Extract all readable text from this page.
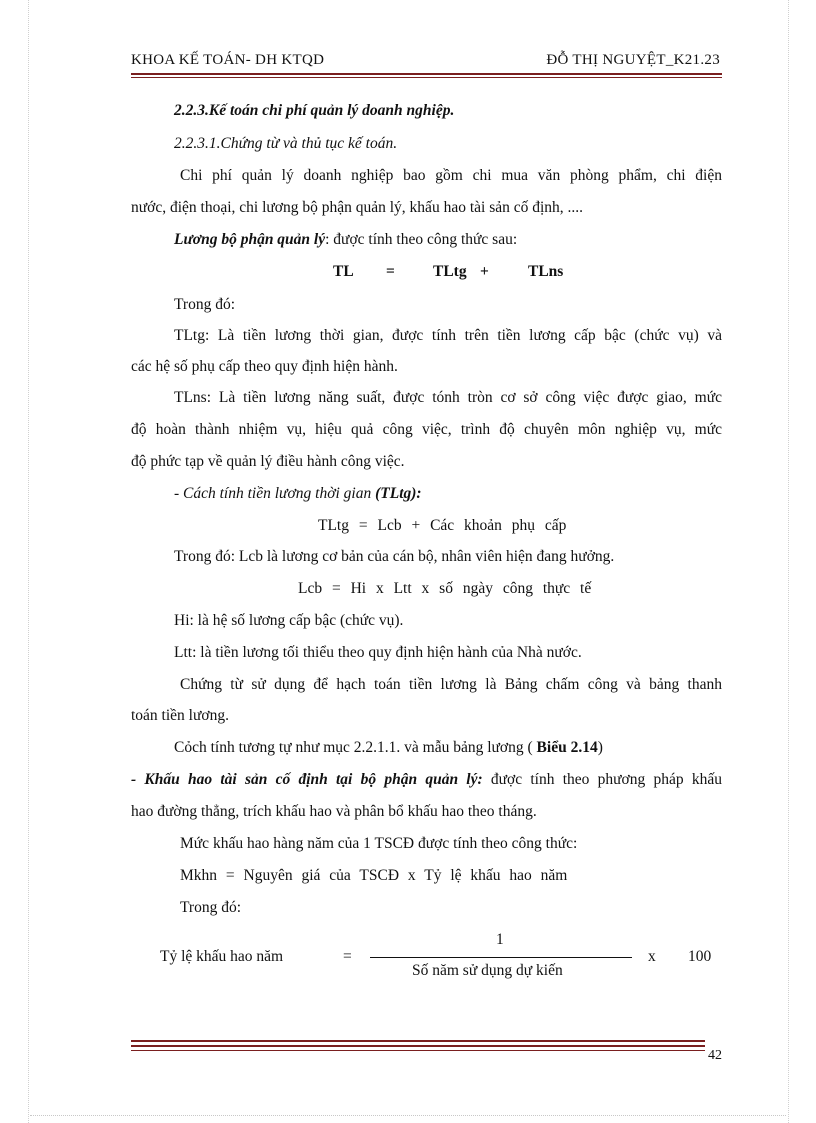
KHOA KẾ TOÁN- DH KTQD	ĐỖ THỊ NGUYỆT_K21.23
2.2.3.Kế toán chi phí quản lý doanh nghiệp.
2.2.3.1.Chứng từ và thủ tục kế toán.
Chi phí quản lý doanh nghiệp bao gồm chi mua văn phòng phẩm, chi điện
nước, điện thoại, chi lương bộ phận quản lý, khấu hao tài sản cố định, ....
Lương bộ phận quản lý: được tính theo công thức sau:
TL = TLtg +	TLns
Trong đó:
TLtg: Là tiền lương thời gian, được tính trên tiền lương cấp bậc (chức vụ) và
các hệ số phụ cấp theo quy định hiện hành.
TLns: Là tiền lương năng suất, được tónh tròn cơ sở công việc được giao, mức
độ hoàn thành nhiệm vụ, hiệu quả công việc, trình độ chuyên môn nghiệp vụ, mức
độ phức tạp về quản lý điều hành công việc.
- Cách tính tiền lương thời gian (TLtg):
TLtg = Lcb + Các khoản phụ cấp
Trong đó: Lcb là lương cơ bản của cán bộ, nhân viên hiện đang hưởng.
Lcb = Hi x Ltt x số ngày công thực tế
Hi: là hệ số lương cấp bậc (chức vụ).
Ltt: là tiền lương tối thiểu theo quy định hiện hành của Nhà nước.
Chứng từ sử dụng để hạch toán tiền lương là Bảng chấm công và bảng thanh
toán tiền lương.
Cỏch tính tương tự như mục 2.2.1.1. và mẫu bảng lương ( Biểu 2.14)
- Khấu hao tài sản cố định tại bộ phận quản lý: được tính theo phương pháp khấu
hao đường thẳng, trích khấu hao và phân bổ khấu hao theo tháng.
Mức khấu hao hàng năm của 1 TSCĐ được tính theo công thức:
Mkhn = Nguyên giá của TSCĐ x Tỷ lệ khấu hao năm
Trong đó:
1
Tỷ lệ khấu hao năm	=	x 100
Số năm sử dụng dự kiến
42
